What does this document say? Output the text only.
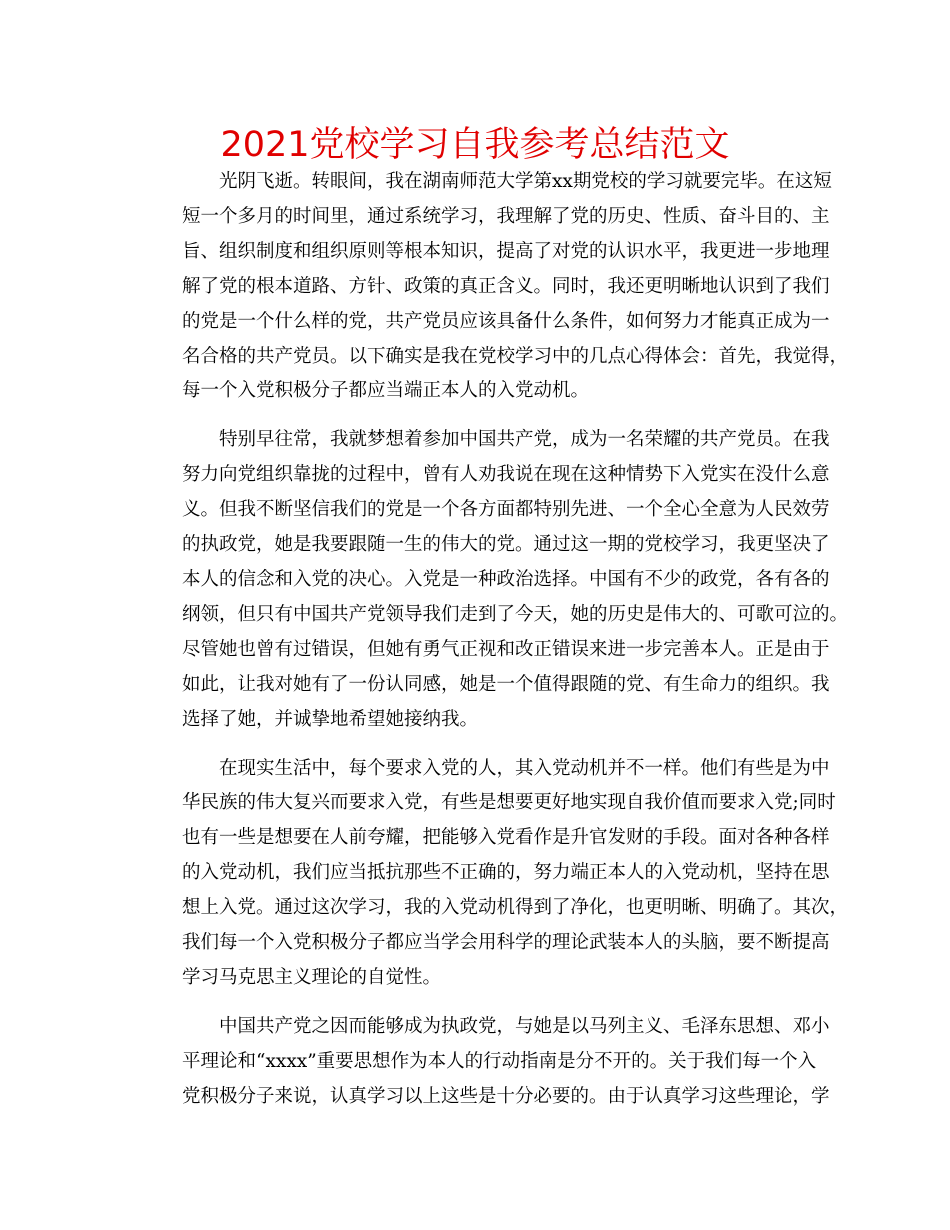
2021党校学习自我参考总结范文

光阴飞逝。转眼间，我在湖南师范大学第xx期党校的学习就要完毕。在这短
短一个多月的时间里，通过系统学习，我理解了党的历史、性质、奋斗目的、主
旨、组织制度和组织原则等根本知识，提高了对党的认识水平，我更进一步地理
解了党的根本道路、方针、政策的真正含义。同时，我还更明晰地认识到了我们
的党是一个什么样的党，共产党员应该具备什么条件，如何努力才能真正成为一
名合格的共产党员。以下确实是我在党校学习中的几点心得体会：首先，我觉得，
每一个入党积极分子都应当端正本人的入党动机。

特别早往常，我就梦想着参加中国共产党，成为一名荣耀的共产党员。在我
努力向党组织靠拢的过程中，曾有人劝我说在现在这种情势下入党实在没什么意
义。但我不断坚信我们的党是一个各方面都特别先进、一个全心全意为人民效劳
的执政党，她是我要跟随一生的伟大的党。通过这一期的党校学习，我更坚决了
本人的信念和入党的决心。入党是一种政治选择。中国有不少的政党，各有各的
纲领，但只有中国共产党领导我们走到了今天，她的历史是伟大的、可歌可泣的。
尽管她也曾有过错误，但她有勇气正视和改正错误来进一步完善本人。正是由于
如此，让我对她有了一份认同感，她是一个值得跟随的党、有生命力的组织。我
选择了她，并诚挚地希望她接纳我。

在现实生活中，每个要求入党的人，其入党动机并不一样。他们有些是为中
华民族的伟大复兴而要求入党，有些是想要更好地实现自我价值而要求入党;同时
也有一些是想要在人前夸耀，把能够入党看作是升官发财的手段。面对各种各样
的入党动机，我们应当抵抗那些不正确的，努力端正本人的入党动机，坚持在思
想上入党。通过这次学习，我的入党动机得到了净化，也更明晰、明确了。其次，
我们每一个入党积极分子都应当学会用科学的理论武装本人的头脑，要不断提高
学习马克思主义理论的自觉性。

中国共产党之因而能够成为执政党，与她是以马列主义、毛泽东思想、邓小
平理论和“xxxx”重要思想作为本人的行动指南是分不开的。关于我们每一个入
党积极分子来说，认真学习以上这些是十分必要的。由于认真学习这些理论，学
